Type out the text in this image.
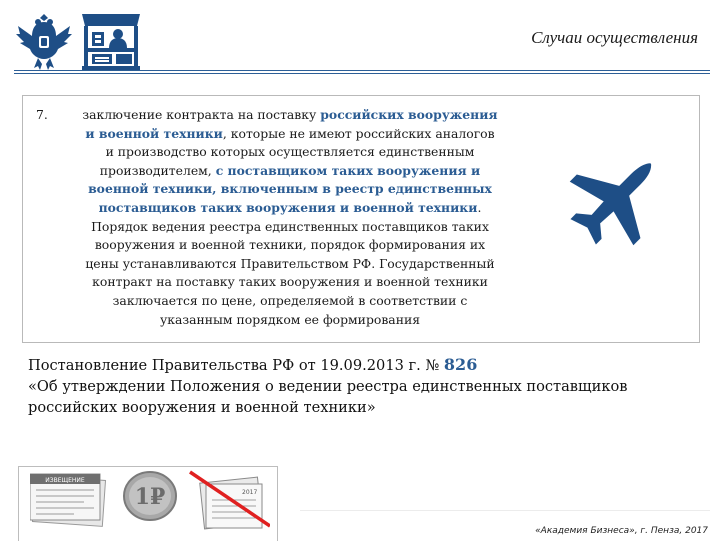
Случаи осуществления
7.	заключение контракта на поставку российских вооружения

и военной техники, которые не имеют российских аналогов

и производство которых осуществляется единственным

производителем, с поставщиком таких вооружения и

военной техники, включенным в реестр единственных

поставщиков таких вооружения и военной техники.

Порядок ведения реестра единственных поставщиков таких

вооружения и военной техники, порядок формирования их

цены устанавливаются Правительством РФ. Государственный

контракт на поставку таких вооружения и военной техники

заключается по цене, определяемой в соответствии с

указанным порядком ее формирования

Постановление Правительства РФ от 19.09.2013 г. № 826

«Об утверждении Положения о ведении реестра единственных поставщиков

российских вооружения и военной техники»

ИЗВЕЩЕНИЕ
1₽	2017
«Академия Бизнеса», г. Пенза, 2017
